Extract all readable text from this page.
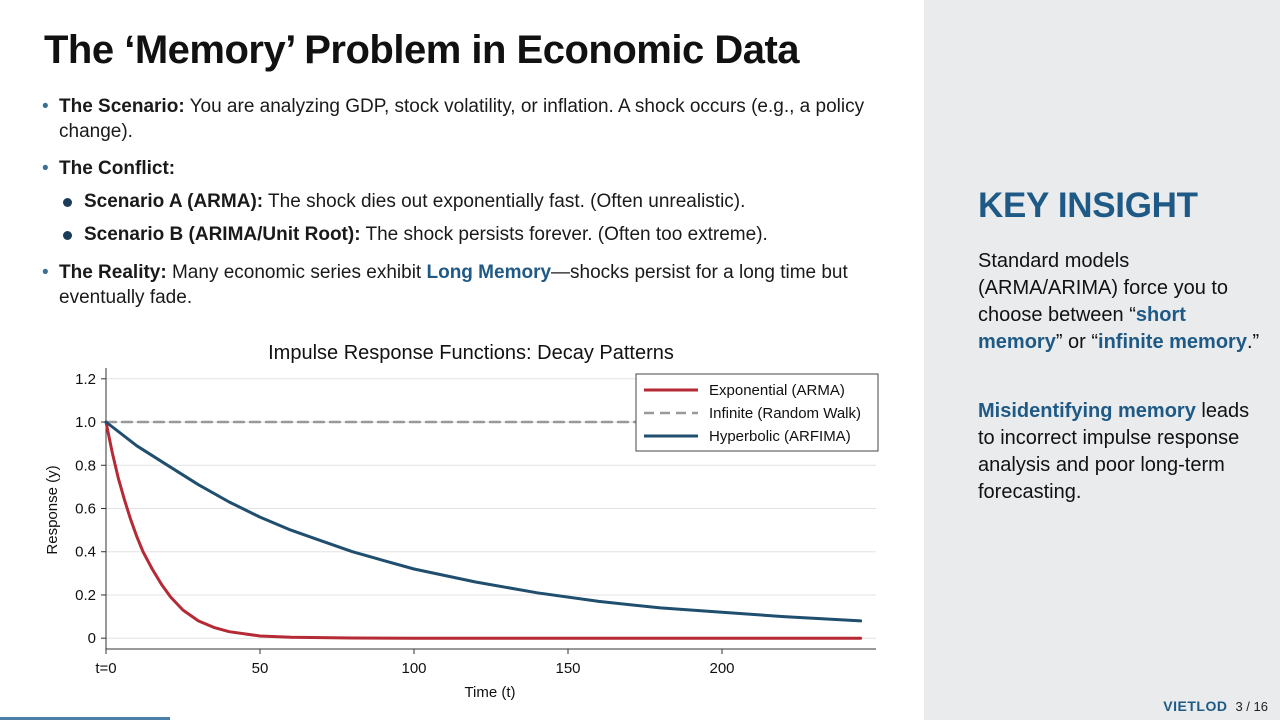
The ‘Memory’ Problem in Economic Data
• The Scenario: You are analyzing GDP, stock volatility, or inflation. A shock occurs (e.g., a policy change).
• The Conflict:
Scenario A (ARMA): The shock dies out exponentially fast. (Often unrealistic).
Scenario B (ARIMA/Unit Root): The shock persists forever. (Often too extreme).
• The Reality: Many economic series exhibit Long Memory—shocks persist for a long time but eventually fade.
Impulse Response Functions: Decay Patterns
Response (y)
Time (t)
0
0.2
0.4
0.6
0.8
1.0
1.2
t=0	50	100	150	200
Exponential (ARMA)
Infinite (Random Walk)
Hyperbolic (ARFIMA)
KEY INSIGHT

Standard models (ARMA/ARIMA) force you to choose between “short memory” or “infinite memory.”

Misidentifying memory leads to incorrect impulse response analysis and poor long-term forecasting.

VIETLOD 3 / 16
